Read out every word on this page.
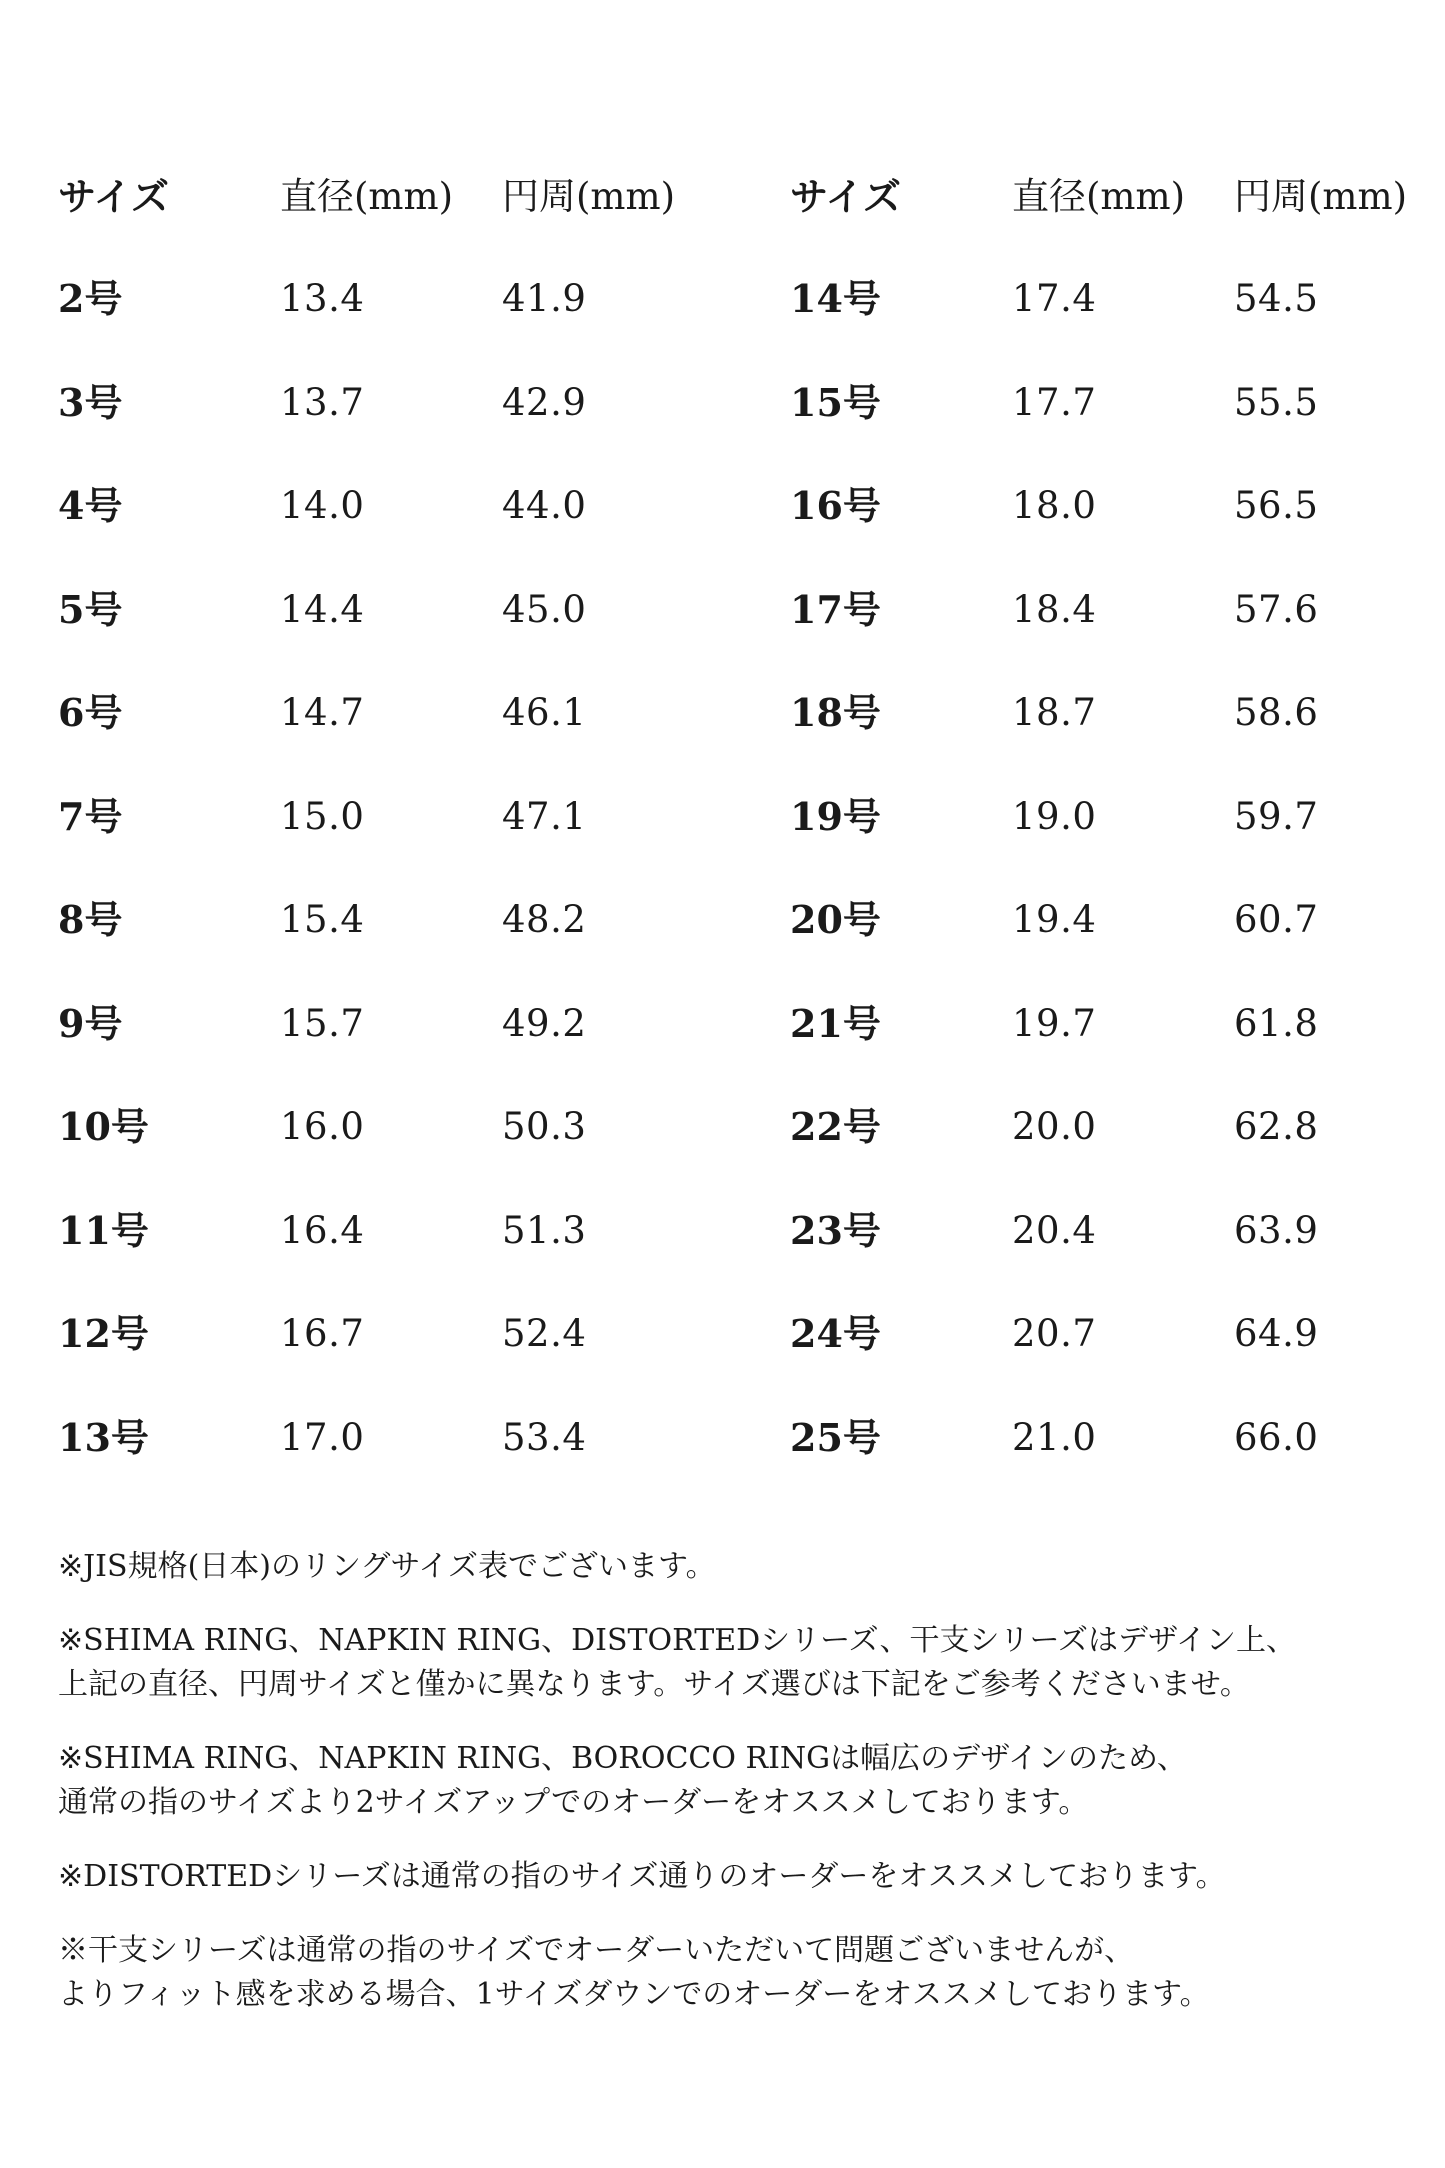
サイズ	直径(mm) 円周(mm)	サイズ	直径(mm) 円周(mm)
2号	13.4	41.9	14号	17.4	54.5
3号	13.7	42.9	15号	17.7	55.5
4号	14.0	44.0	16号	18.0	56.5
5号	14.4	45.0	17号	18.4	57.6
6号	14.7	46.1	18号	18.7	58.6
7号	15.0	47.1	19号	19.0	59.7
8号	15.4	48.2	20号	19.4	60.7
9号	15.7	49.2	21号	19.7	61.8
10号	16.0	50.3	22号	20.0	62.8
11号	16.4	51.3	23号	20.4	63.9
12号	16.7	52.4	24号	20.7	64.9
13号	17.0	53.4	25号	21.0	66.0
※JIS規格(日本)のリングサイズ表でございます。
※SHIMA RING、NAPKIN RING、DISTORTEDシリーズ、干支シリーズはデザイン上、
上記の直径、円周サイズと僅かに異なります。サイズ選びは下記をご参考くださいませ。
※SHIMA RING、NAPKIN RING、BOROCCO RINGは幅広のデザインのため、
通常の指のサイズより2サイズアップでのオーダーをオススメしております。
※DISTORTEDシリーズは通常の指のサイズ通りのオーダーをオススメしております。
※干支シリーズは通常の指のサイズでオーダーいただいて問題ございませんが、
よりフィット感を求める場合、1サイズダウンでのオーダーをオススメしております。
